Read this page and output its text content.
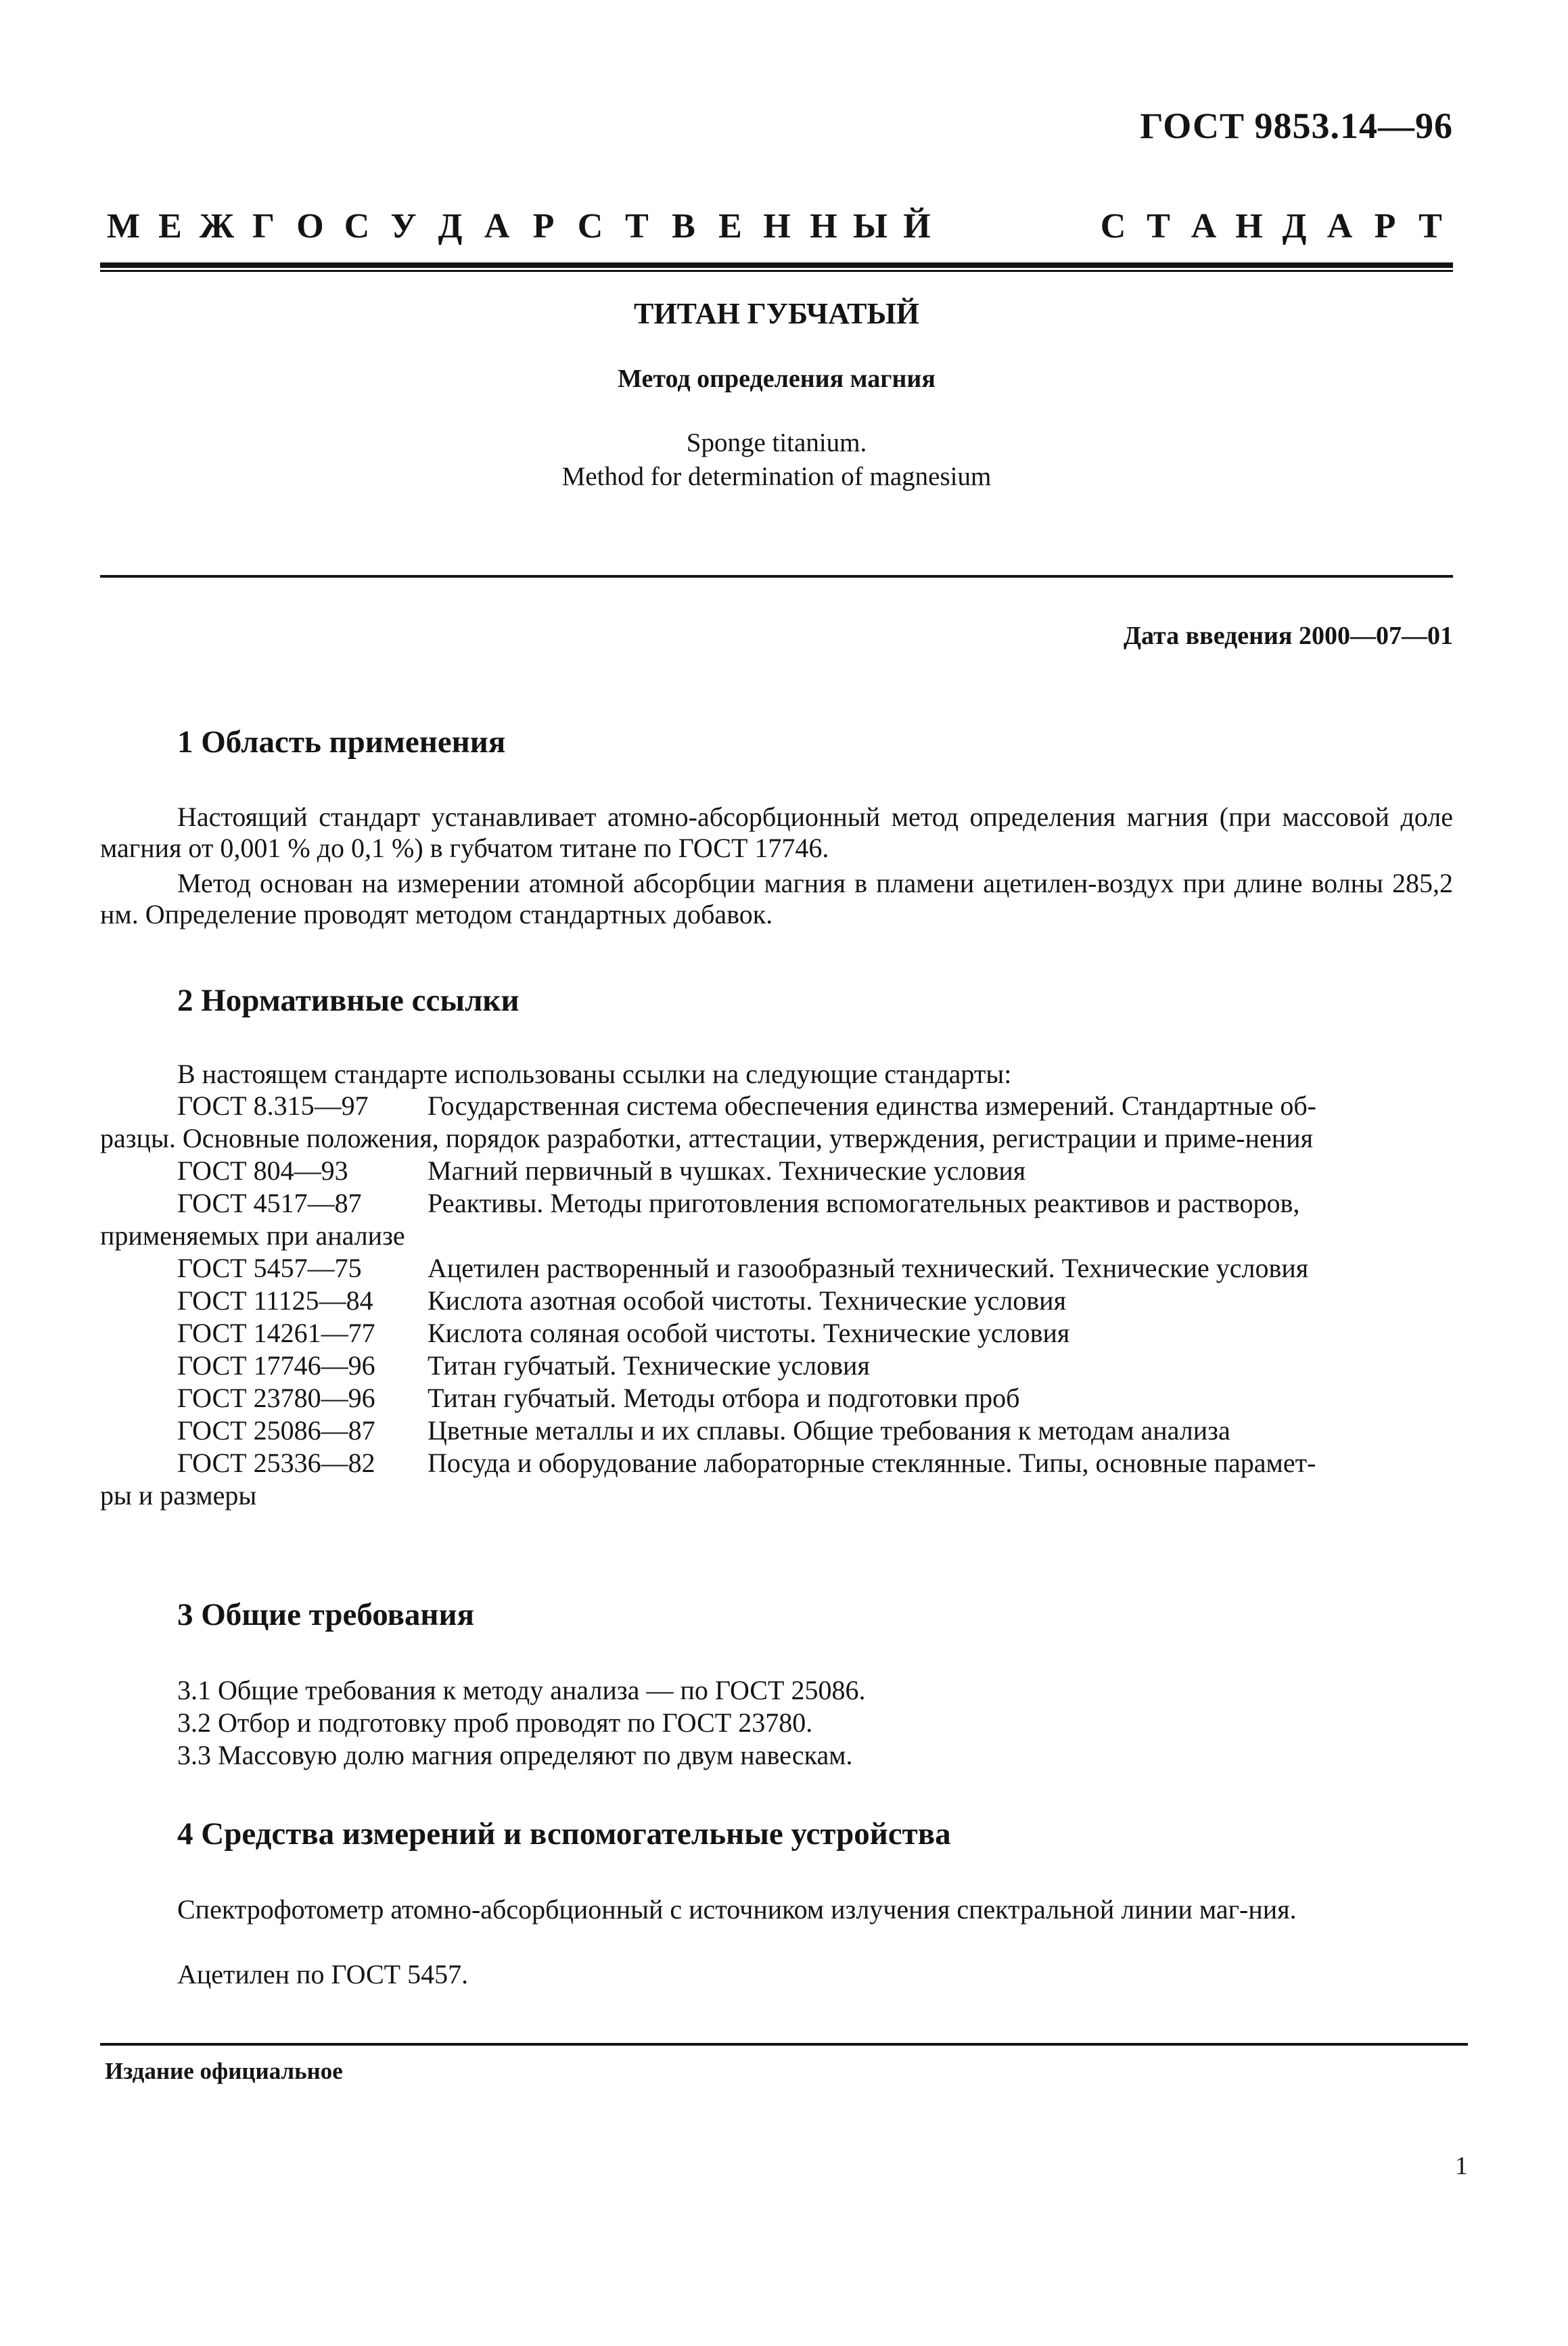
ГОСТ 9853.14—96
М Е Ж Г О С У Д А Р С Т В Е Н Н Ы Й	С Т А Н Д А Р Т
ТИТАН ГУБЧАТЫЙ
Метод определения магния
Sponge titanium.
Method for determination of magnesium
Дата введения 2000—07—01
1 Область применения
Настоящий стандарт устанавливает атомно-абсорбционный метод определения магния (при массовой доле магния от 0,001 % до 0,1 %) в губчатом титане по ГОСТ 17746.
Метод основан на измерении атомной абсорбции магния в пламени ацетилен-воздух при длине волны 285,2 нм. Определение проводят методом стандартных добавок.
2 Нормативные ссылки
В настоящем стандарте использованы ссылки на следующие стандарты:
ГОСТ 8.315—97	Государственная система обеспечения единства измерений. Стандартные об-
разцы. Основные положения, порядок разработки, аттестации, утверждения, регистрации и приме-нения
ГОСТ 804—93	Магний первичный в чушках. Технические условия
ГОСТ 4517—87	Реактивы. Методы приготовления вспомогательных реактивов и растворов,
применяемых при анализе
ГОСТ 5457—75	Ацетилен растворенный и газообразный технический. Технические условия
ГОСТ 11125—84	Кислота азотная особой чистоты. Технические условия
ГОСТ 14261—77	Кислота соляная особой чистоты. Технические условия
ГОСТ 17746—96	Титан губчатый. Технические условия
ГОСТ 23780—96	Титан губчатый. Методы отбора и подготовки проб
ГОСТ 25086—87	Цветные металлы и их сплавы. Общие требования к методам анализа
ГОСТ 25336—82	Посуда и оборудование лабораторные стеклянные. Типы, основные парамет-
ры и размеры
3 Общие требования
3.1 Общие требования к методу анализа — по ГОСТ 25086.
3.2 Отбор и подготовку проб проводят по ГОСТ 23780.
3.3 Массовую долю магния определяют по двум навескам.
4 Средства измерений и вспомогательные устройства
Спектрофотометр атомно-абсорбционный с источником излучения спектральной линии маг-ния.
Ацетилен по ГОСТ 5457.
Издание официальное
1
